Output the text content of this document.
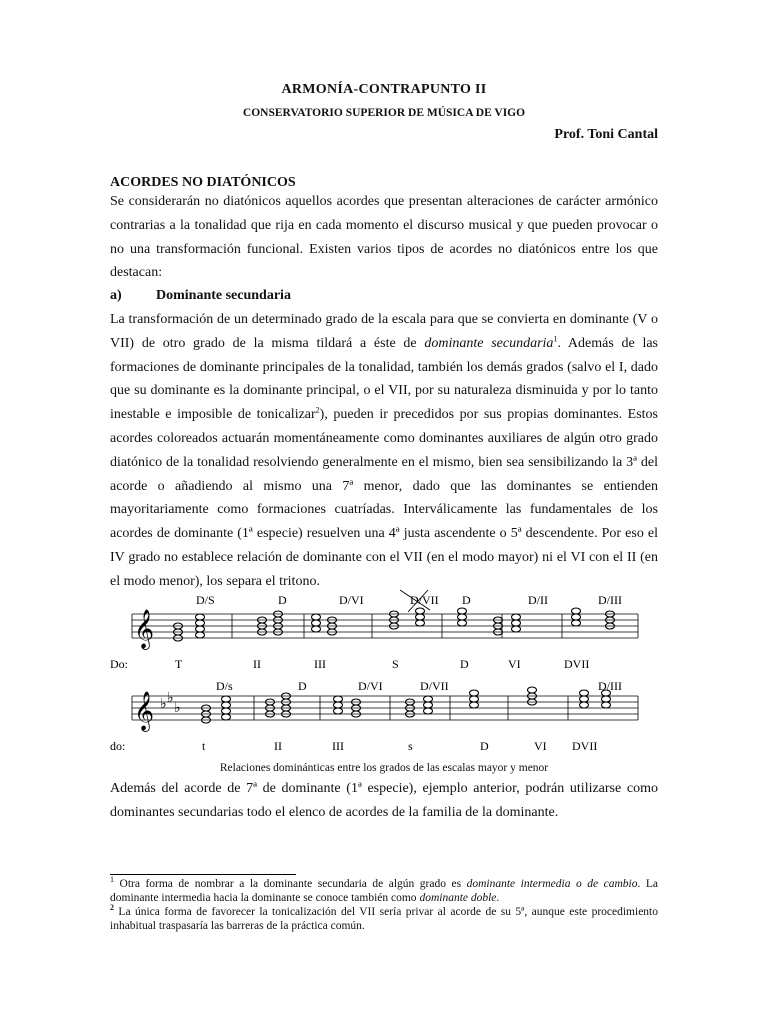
ARMONÍA-CONTRAPUNTO II
CONSERVATORIO SUPERIOR DE MÚSICA DE VIGO
Prof. Toni Cantal
ACORDES NO DIATÓNICOS

Se considerarán no diatónicos aquellos acordes que presentan alteraciones de carácter armónico contrarias a la tonalidad que rija en cada momento el discurso musical y que pueden provocar o no una transformación funcional. Existen varios tipos de acordes no diatónicos entre los que destacan:

a) Dominante secundaria

La transformación de un determinado grado de la escala para que se convierta en dominante (V o VII) de otro grado de la misma tildará a éste de dominante secundaria$^1$. Además de las formaciones de dominante principales de la tonalidad, también los demás grados (salvo el I, dado que su dominante es la dominante principal, o el VII, por su naturaleza disminuida y por lo tanto inestable e imposible de tonicalizar$^2$), pueden ir precedidos por sus propias dominantes. Estos acordes coloreados actuarán momentáneamente como dominantes auxiliares de algún otro grado diatónico de la tonalidad resolviendo generalmente en el mismo, bien sea sensibilizando la 3ª del acorde o añadiendo al mismo una 7ª menor, dado que las dominantes se entienden mayoritariamente como formaciones cuatríadas. Interválicamente las fundamentales de los acordes de dominante (1ª especie) resuelven una 4ª justa ascendente o 5ª descendente. Por eso el IV grado no establece relación de dominante con el VII (en el modo mayor) ni el VI con el II (en el modo menor), los separa el tritono.

𝄞
𝄞 ♭ ♭
♭
Do:
D/S	D	D/VI	D/VII D	D/II	D/III
T	II	III	S	D	VI	DVII
do:
D/s	D	D/VI	D/VII	D/III
t	II	III	s	D	VI DVII
Relaciones dominánticas entre los grados de las escalas mayor y menor

Además del acorde de 7ª de dominante (1ª especie), ejemplo anterior, podrán utilizarse como dominantes secundarias todo el elenco de acordes de la familia de la dominante.

$^1$ Otra forma de nombrar a la dominante secundaria de algún grado es dominante intermedia o de cambio. La dominante intermedia hacia la dominante se conoce también como dominante doble.

$^2$ La única forma de favorecer la tonicalización del VII sería privar al acorde de su 5ª, aunque este procedimiento inhabitual traspasaría las barreras de la práctica común.
